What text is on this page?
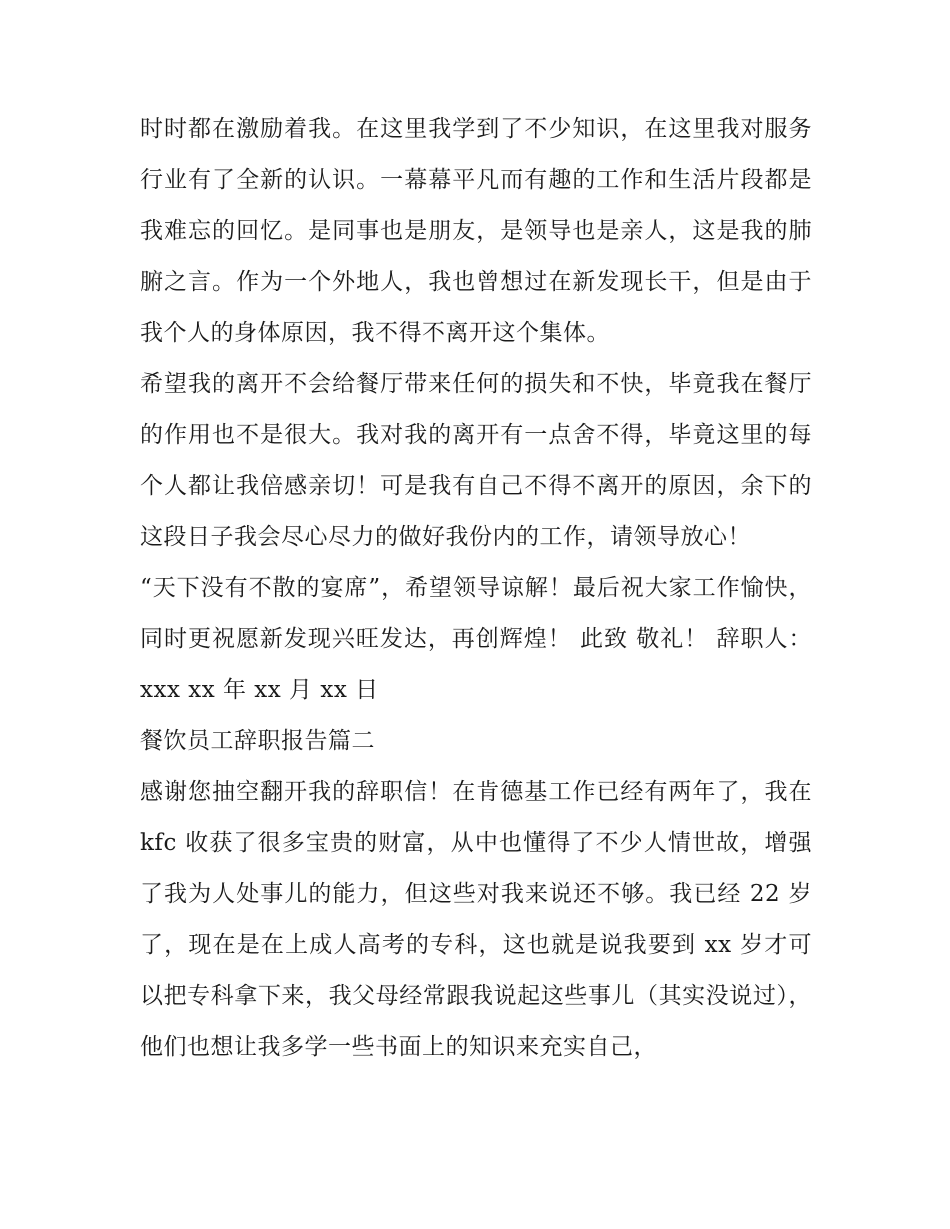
时时都在激励着我。在这里我学到了不少知识，在这里我对服务行业有了全新的认识。一幕幕平凡而有趣的工作和生活片段都是我难忘的回忆。是同事也是朋友，是领导也是亲人，这是我的肺腑之言。作为一个外地人，我也曾想过在新发现长干，但是由于我个人的身体原因，我不得不离开这个集体。

希望我的离开不会给餐厅带来任何的损失和不快，毕竟我在餐厅的作用也不是很大。我对我的离开有一点舍不得，毕竟这里的每个人都让我倍感亲切！可是我有自己不得不离开的原因，余下的这段日子我会尽心尽力的做好我份内的工作，请领导放心！

“天下没有不散的宴席”，希望领导谅解！最后祝大家工作愉快，同时更祝愿新发现兴旺发达，再创辉煌！ 此致 敬礼！ 辞职人：xxx xx 年 xx 月 xx 日

餐饮员工辞职报告篇二

感谢您抽空翻开我的辞职信！在肯德基工作已经有两年了，我在 kfc 收获了很多宝贵的财富，从中也懂得了不少人情世故，增强了我为人处事儿的能力，但这些对我来说还不够。我已经 22 岁了，现在是在上成人高考的专科，这也就是说我要到 xx 岁才可以把专科拿下来，我父母经常跟我说起这些事儿（其实没说过），他们也想让我多学一些书面上的知识来充实自己，
